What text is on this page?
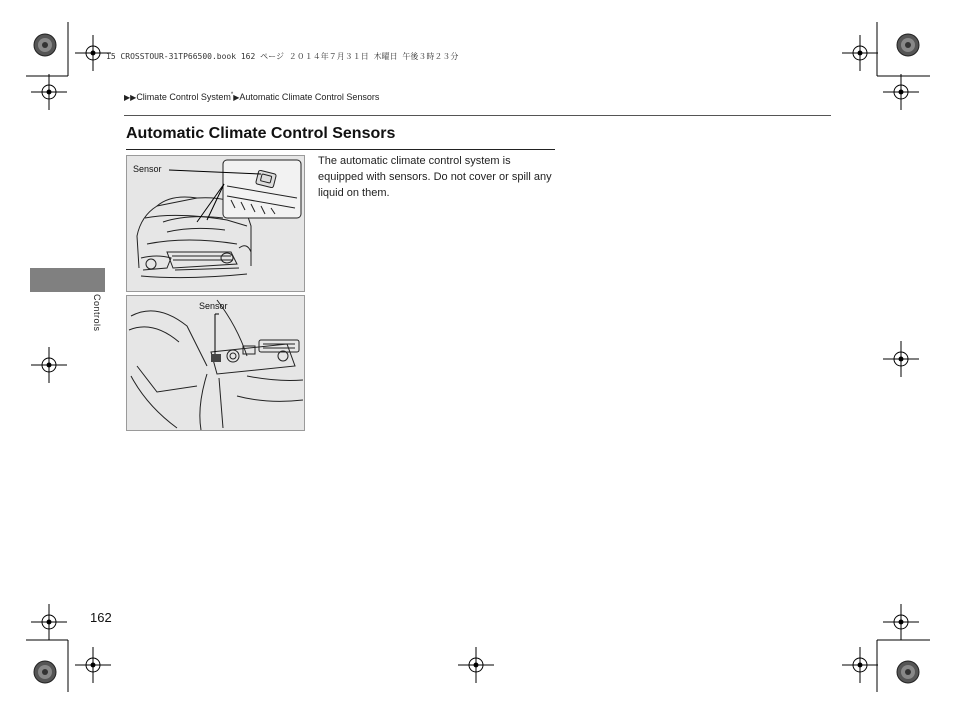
15 CROSSTOUR-31TP66500.book 162 ページ ２０１４年７月３１日 木曜日 午後３時２３分
▶▶Climate Control System*▶Automatic Climate Control Sensors
Automatic Climate Control Sensors
The automatic climate control system is equipped with sensors. Do not cover or spill any liquid on them.
Sensor
Sensor
Controls
162
